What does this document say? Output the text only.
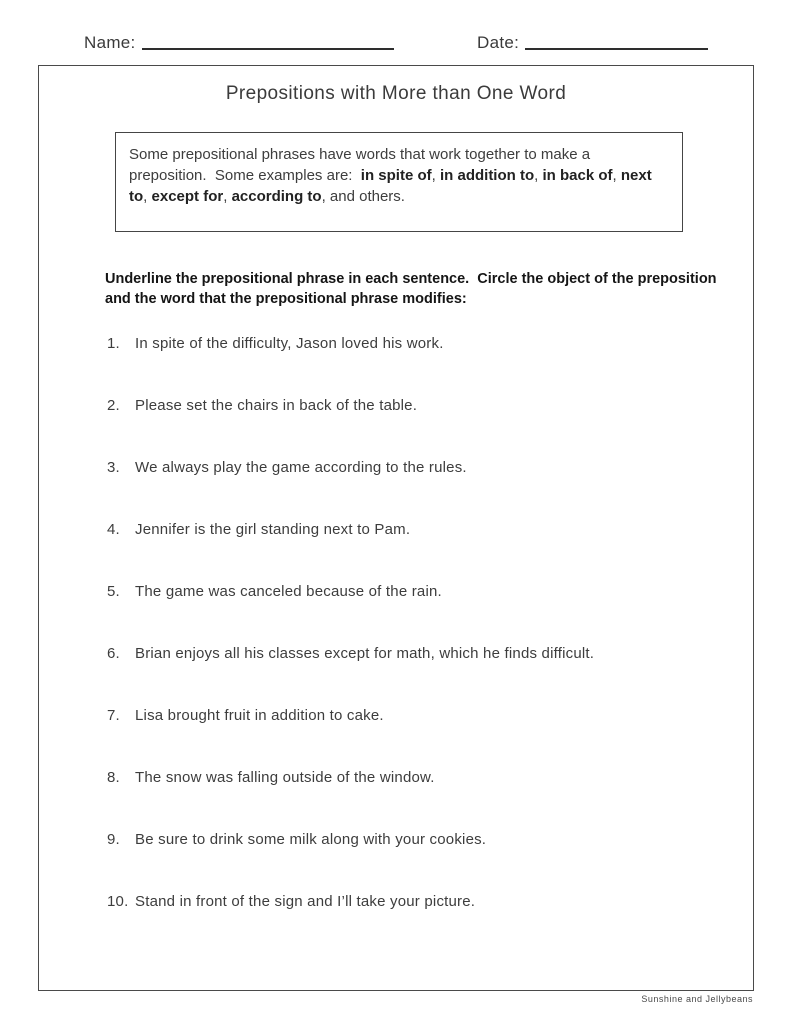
Name:	Date:
Prepositions with More than One Word
Some prepositional phrases have words that work together to make a preposition.  Some examples are:  in spite of, in addition to, in back of, next to, except for, according to, and others.

Underline the prepositional phrase in each sentence.  Circle the object of the preposition and the word that the prepositional phrase modifies:

1.	In spite of the difficulty, Jason loved his work.
2.	Please set the chairs in back of the table.
3.	We always play the game according to the rules.
4.	Jennifer is the girl standing next to Pam.
5.	The game was canceled because of the rain.
6.	Brian enjoys all his classes except for math, which he finds difficult.
7.	Lisa brought fruit in addition to cake.
8.	The snow was falling outside of the window.
9.	Be sure to drink some milk along with your cookies.
10. Stand in front of the sign and I’ll take your picture.
Sunshine and Jellybeans
